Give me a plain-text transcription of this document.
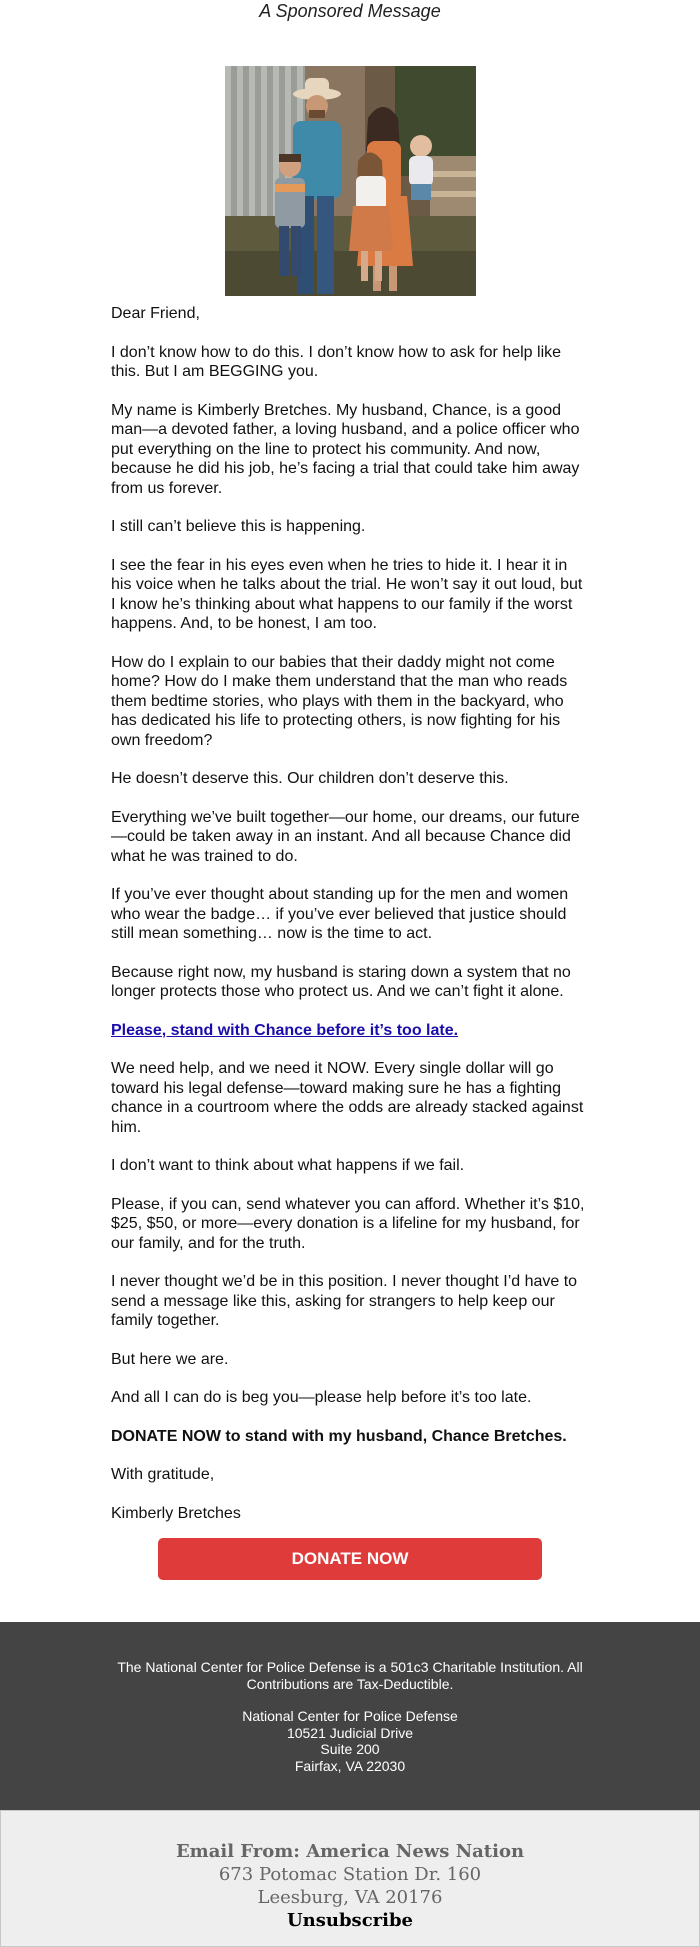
A Sponsored Message

Dear Friend,

I don’t know how to do this. I don’t know how to ask for help like this. But I am BEGGING you.

My name is Kimberly Bretches. My husband, Chance, is a good man—a devoted father, a loving husband, and a police officer who put everything on the line to protect his community. And now, because he did his job, he’s facing a trial that could take him away from us forever.

I still can’t believe this is happening.

I see the fear in his eyes even when he tries to hide it. I hear it in his voice when he talks about the trial. He won’t say it out loud, but I know he’s thinking about what happens to our family if the worst happens. And, to be honest, I am too.

How do I explain to our babies that their daddy might not come home? How do I make them understand that the man who reads them bedtime stories, who plays with them in the backyard, who has dedicated his life to protecting others, is now fighting for his own freedom?

He doesn’t deserve this. Our children don’t deserve this.

Everything we’ve built together—our home, our dreams, our future—could be taken away in an instant. And all because Chance did what he was trained to do.

If you’ve ever thought about standing up for the men and women who wear the badge… if you’ve ever believed that justice should still mean something… now is the time to act.

Because right now, my husband is staring down a system that no longer protects those who protect us. And we can’t fight it alone.

Please, stand with Chance before it’s too late.

We need help, and we need it NOW. Every single dollar will go toward his legal defense—toward making sure he has a fighting chance in a courtroom where the odds are already stacked against him.

I don’t want to think about what happens if we fail.

Please, if you can, send whatever you can afford. Whether it’s $10, $25, $50, or more—every donation is a lifeline for my husband, for our family, and for the truth.

I never thought we’d be in this position. I never thought I’d have to send a message like this, asking for strangers to help keep our family together.

But here we are.

And all I can do is beg you—please help before it’s too late.

DONATE NOW to stand with my husband, Chance Bretches.

With gratitude,

Kimberly Bretches

DONATE NOW
The National Center for Police Defense is a 501c3 Charitable Institution. All Contributions are Tax-Deductible.
National Center for Police Defense
10521 Judicial Drive
Suite 200
Fairfax, VA 22030
Email From: America News Nation
673 Potomac Station Dr. 160
Leesburg, VA 20176
Unsubscribe
